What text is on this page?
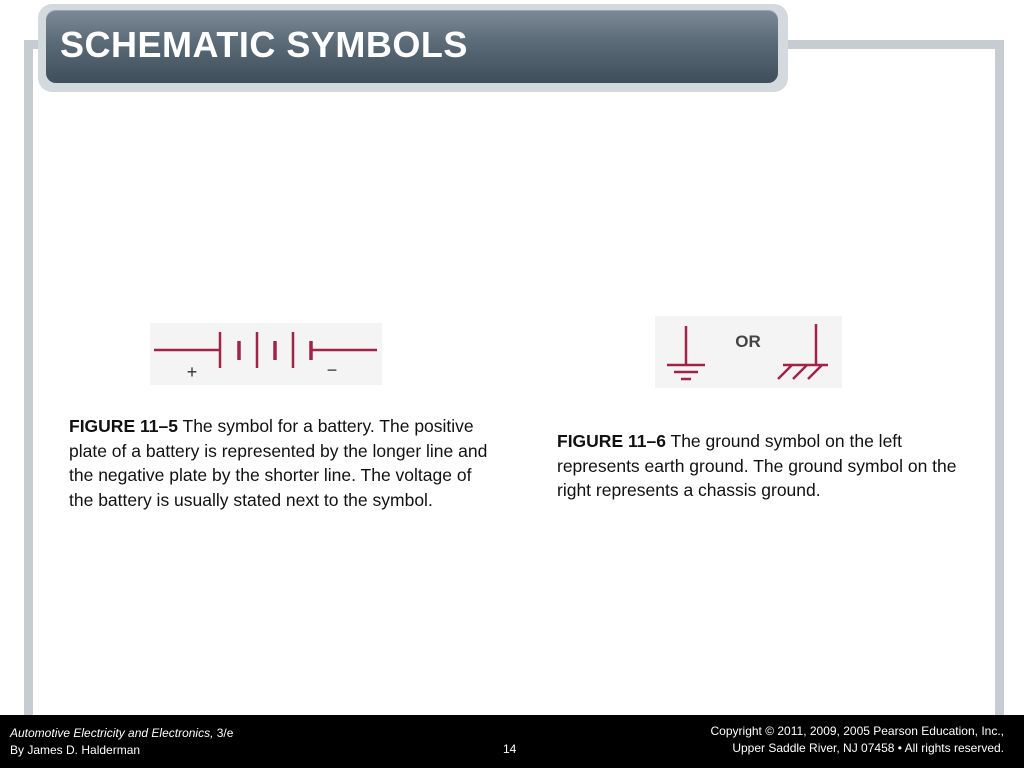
SCHEMATIC SYMBOLS
+	−
OR

FIGURE 11–5 The symbol for a battery. The positive plate of a battery is represented by the longer line and the negative plate by the shorter line. The voltage of the battery is usually stated next to the symbol.

FIGURE 11–6 The ground symbol on the left represents earth ground. The ground symbol on the right represents a chassis ground.

Automotive Electricity and Electronics, 3/e
By James D. Halderman	14
Copyright © 2011, 2009, 2005 Pearson Education, Inc.,
Upper Saddle River, NJ 07458 • All rights reserved.
